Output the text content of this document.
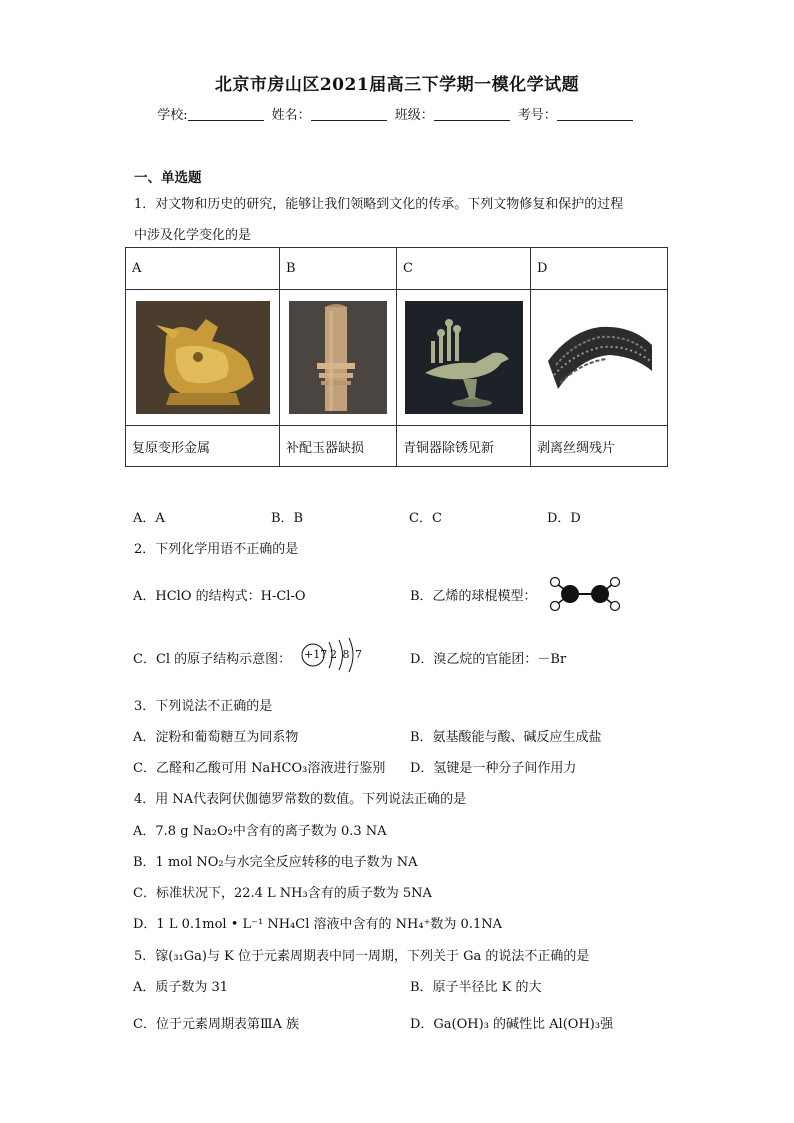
北京市房山区2021届高三下学期一模化学试题
学校:	姓名：	班级：	考号：
一、单选题
1．对文物和历史的研究，能够让我们领略到文化的传承。下列文物修复和保护的过程
中涉及化学变化的是
A	B	C	D

复原变形金属	补配玉器缺损	青铜器除锈见新	剥离丝绸残片
A．A	B．B	C．C	D．D
2．下列化学用语不正确的是
A．HClO 的结构式：H-Cl-O	B．乙烯的球棍模型：
C．Cl 的原子结构示意图： +17 2 8 7	D．溴乙烷的官能团：－Br
3．下列说法不正确的是
A．淀粉和葡萄糖互为同系物	B．氨基酸能与酸、碱反应生成盐
C．乙醛和乙酸可用 NaHCO₃溶液进行鉴别 D．氢键是一种分子间作用力
4．用 NA代表阿伏伽德罗常数的数值。下列说法正确的是
A．7.8 g Na₂O₂中含有的离子数为 0.3 NA
B．1 mol NO₂与水完全反应转移的电子数为 NA
C．标准状况下，22.4 L NH₃含有的质子数为 5NA
D．1 L 0.1mol • L⁻¹ NH₄Cl 溶液中含有的 NH₄⁺数为 0.1NA
5．镓(₃₁Ga)与 K 位于元素周期表中同一周期，下列关于 Ga 的说法不正确的是
A．质子数为 31	B．原子半径比 K 的大
C．位于元素周期表第ⅢA 族	D．Ga(OH)₃ 的碱性比 Al(OH)₃强
